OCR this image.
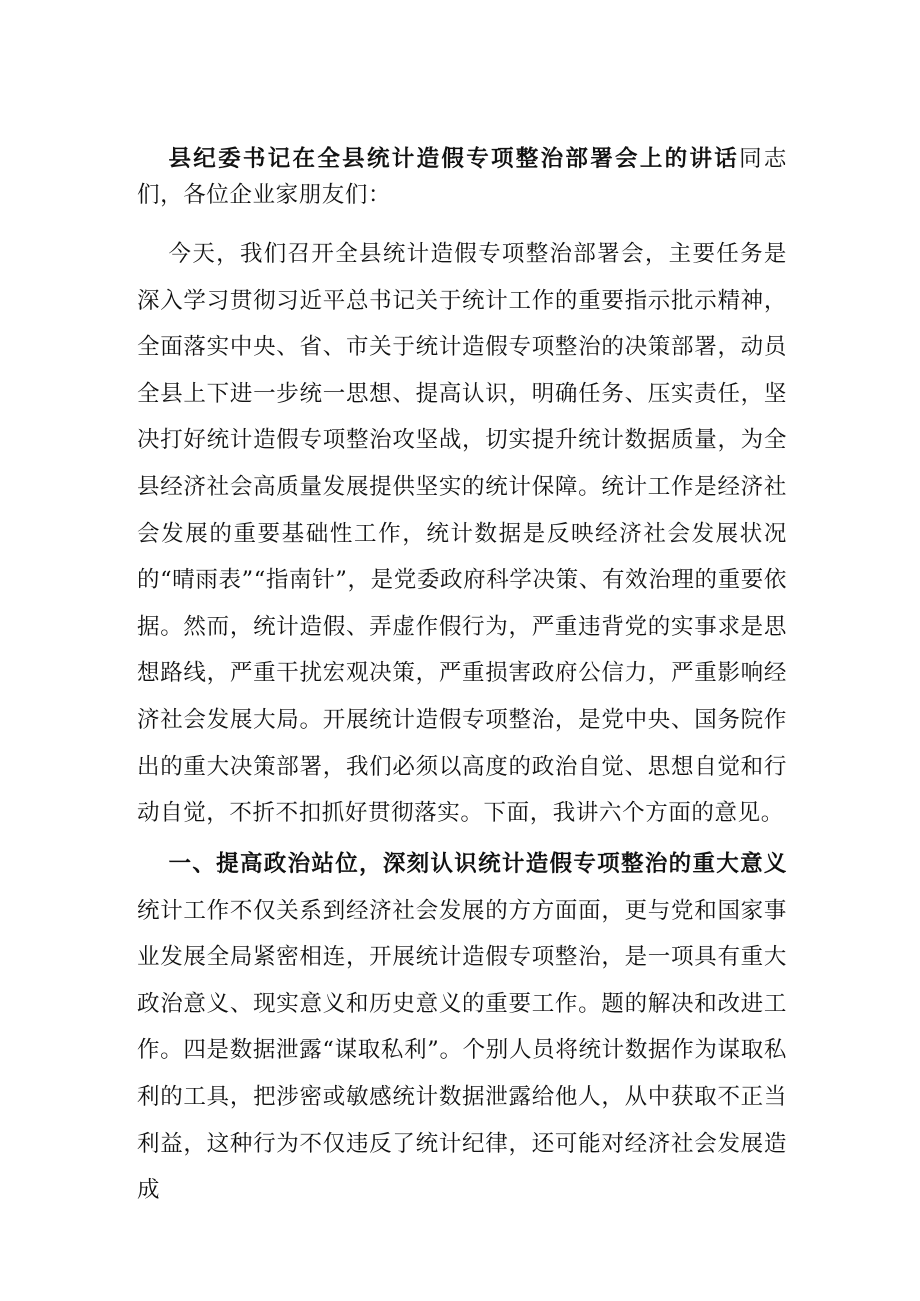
县纪委书记在全县统计造假专项整治部署会上的讲话同志们，各位企业家朋友们：
今天，我们召开全县统计造假专项整治部署会，主要任务是深入学习贯彻习近平总书记关于统计工作的重要指示批示精神，全面落实中央、省、市关于统计造假专项整治的决策部署，动员全县上下进一步统一思想、提高认识，明确任务、压实责任，坚决打好统计造假专项整治攻坚战，切实提升统计数据质量，为全县经济社会高质量发展提供坚实的统计保障。统计工作是经济社会发展的重要基础性工作，统计数据是反映经济社会发展状况的“晴雨表”“指南针”，是党委政府科学决策、有效治理的重要依据。然而，统计造假、弄虚作假行为，严重违背党的实事求是思想路线，严重干扰宏观决策，严重损害政府公信力，严重影响经济社会发展大局。开展统计造假专项整治，是党中央、国务院作出的重大决策部署，我们必须以高度的政治自觉、思想自觉和行动自觉，不折不扣抓好贯彻落实。下面，我讲六个方面的意见。
一、提高政治站位，深刻认识统计造假专项整治的重大意义统计工作不仅关系到经济社会发展的方方面面，更与党和国家事业发展全局紧密相连，开展统计造假专项整治，是一项具有重大政治意义、现实意义和历史意义的重要工作。题的解决和改进工作。四是数据泄露“谋取私利”。个别人员将统计数据作为谋取私利的工具，把涉密或敏感统计数据泄露给他人，从中获取不正当利益，这种行为不仅违反了统计纪律，还可能对经济社会发展造成
